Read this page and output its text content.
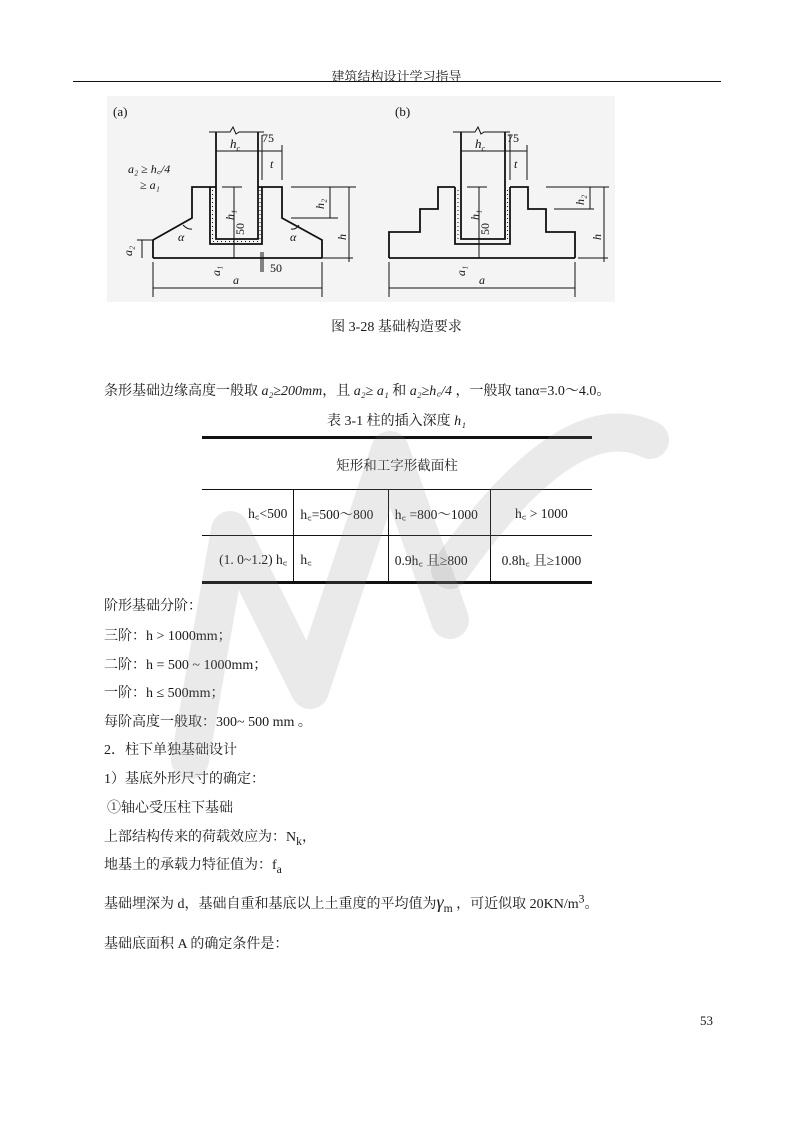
建筑结构设计学习指导
(a)
$h_c$
75
t
a₂ ≥ h꜀/4
≥ a₁
h₁
50
h₂
h
α	α
a₂
a₁	50
a
(b)
$h_c$
75
t
h₁
50
h₂
h
a₁
a
图 3-28 基础构造要求
条形基础边缘高度一般取 a₂≥200mm，且 a₂≥ a₁ 和 a₂≥h꜀/4 ，一般取 tanα=3.0～4.0。
表 3-1 柱的插入深度 h₁
矩形和工字形截面柱			
h꜀<500	h꜀=500～800	h꜀ =800～1000	h꜀ > 1000
(1. 0~1.2) h꜀	h꜀	0.9h꜀ 且≥800	0.8h꜀ 且≥1000
阶形基础分阶：
三阶：h > 1000mm；
二阶：h = 500 ~ 1000mm；
一阶：h ≤ 500mm；
每阶高度一般取：300~ 500 mm 。
2．柱下单独基础设计
1）基底外形尺寸的确定：
①轴心受压柱下基础
上部结构传来的荷载效应为：$N_k$，
地基土的承载力特征值为：$f_a$
基础埋深为 d，基础自重和基底以上土重度的平均值为$\gamma_m$ ，可近似取 $20KN/m^3$。
基础底面积 A 的确定条件是：
53
